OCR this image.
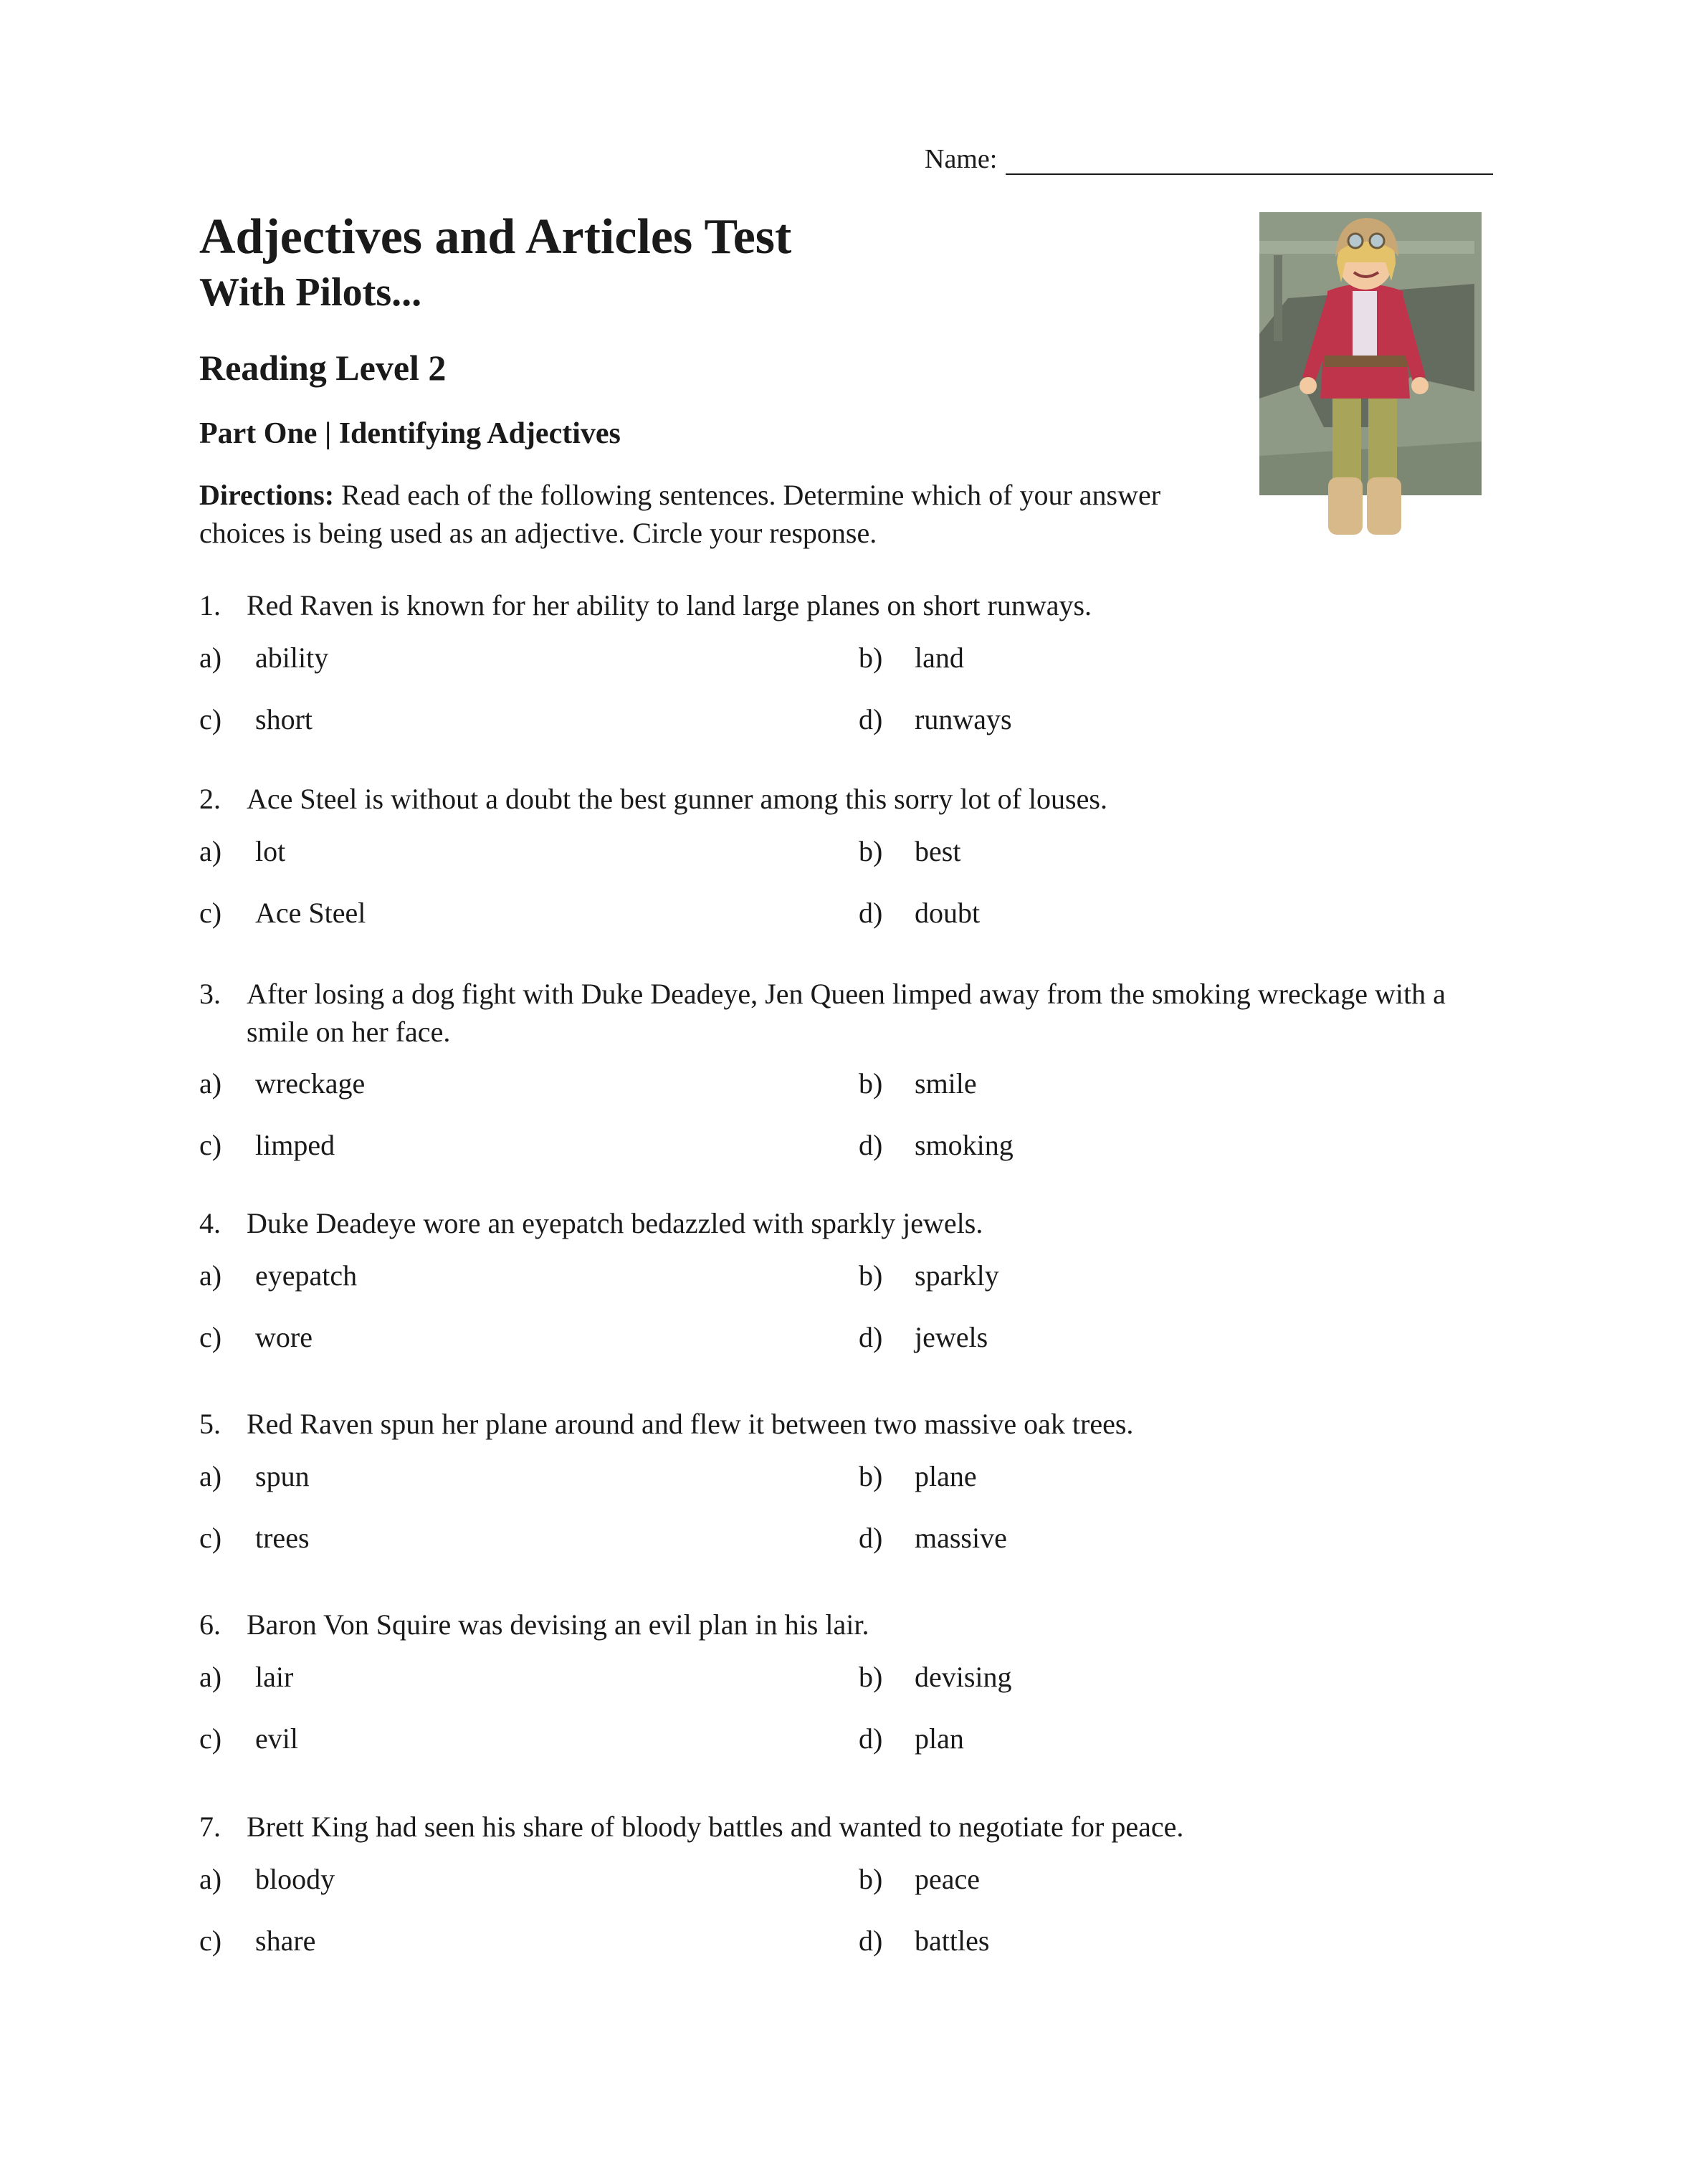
Name:
Adjectives and Articles Test
With Pilots...
Reading Level 2
Part One | Identifying Adjectives

Directions: Read each of the following sentences. Determine which of your answer choices is being used as an adjective. Circle your response.

1. Red Raven is known for her ability to land large planes on short runways.
a)	ability	b)	land
c)	short	d)	runways
2. Ace Steel is without a doubt the best gunner among this sorry lot of louses.
a)	lot	b)	best
c)	Ace Steel	d)	doubt
3. After losing a dog fight with Duke Deadeye, Jen Queen limped away from the smoking wreckage with a smile on her face.
a)	wreckage	b)	smile
c)	limped	d)	smoking
4. Duke Deadeye wore an eyepatch bedazzled with sparkly jewels.
a)	eyepatch	b)	sparkly
c)	wore	d)	jewels
5. Red Raven spun her plane around and flew it between two massive oak trees.
a)	spun	b)	plane
c)	trees	d)	massive
6. Baron Von Squire was devising an evil plan in his lair.
a)	lair	b)	devising
c)	evil	d)	plan
7. Brett King had seen his share of bloody battles and wanted to negotiate for peace.
a)	bloody	b)	peace
c)	share	d)	battles
